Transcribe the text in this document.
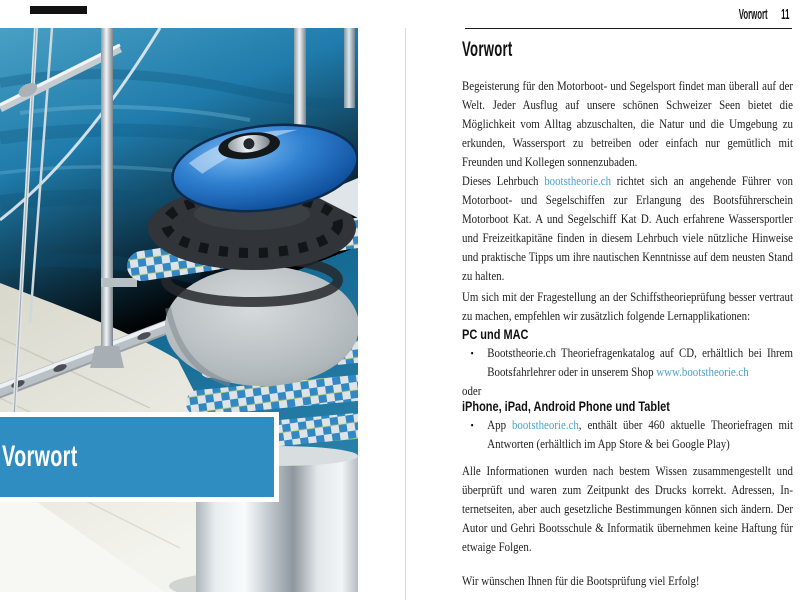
Vorwort
Vorwort 11
Vorwort
Begeisterung für den Motorboot- und Segelsport findet man überall auf der Welt. Jeder Ausflug auf unsere schönen Schweizer Seen bietet die Möglichkeit vom Alltag abzuschalten, die Natur und die Umgebung zu erkunden, Wassersport zu betreiben oder einfach nur gemütlich mit Freunden und Kollegen sonnenzubaden.
Dieses Lehrbuch bootstheorie.ch richtet sich an angehende Führer von Motorboot- und Segelschiffen zur Erlangung des Bootsführerschein Motorboot Kat. A und Segelschiff Kat D. Auch erfahrene Wassersportler und Freizeitkapitäne finden in diesem Lehrbuch viele nützliche Hinweise und praktische Tipps um ihre nautischen Kenntnisse auf dem neusten Stand zu halten.
Um sich mit der Fragestellung an der Schiffstheorieprüfung besser vertraut zu machen, empfehlen wir zusätzlich folgende Lernapplikationen:
PC und MAC
▪ Bootstheorie.ch Theoriefragenkatalog auf CD, erhältlich bei Ihrem Bootsfahrlehrer oder in unserem Shop www.bootstheorie.ch
oder
iPhone, iPad, Android Phone und Tablet
▪ App bootstheorie.ch, enthält über 460 aktuelle Theoriefragen mit Antworten (erhältlich im App Store & bei Google Play)
Alle Informationen wurden nach bestem Wissen zusammengestellt und überprüft und waren zum Zeitpunkt des Drucks korrekt. Adressen, Internetseiten, aber auch gesetzliche Bestimmungen können sich ändern. Der Autor und Gehri Bootsschule & Informatik übernehmen keine Haftung für etwaige Folgen.
Wir wünschen Ihnen für die Bootsprüfung viel Erfolg!
